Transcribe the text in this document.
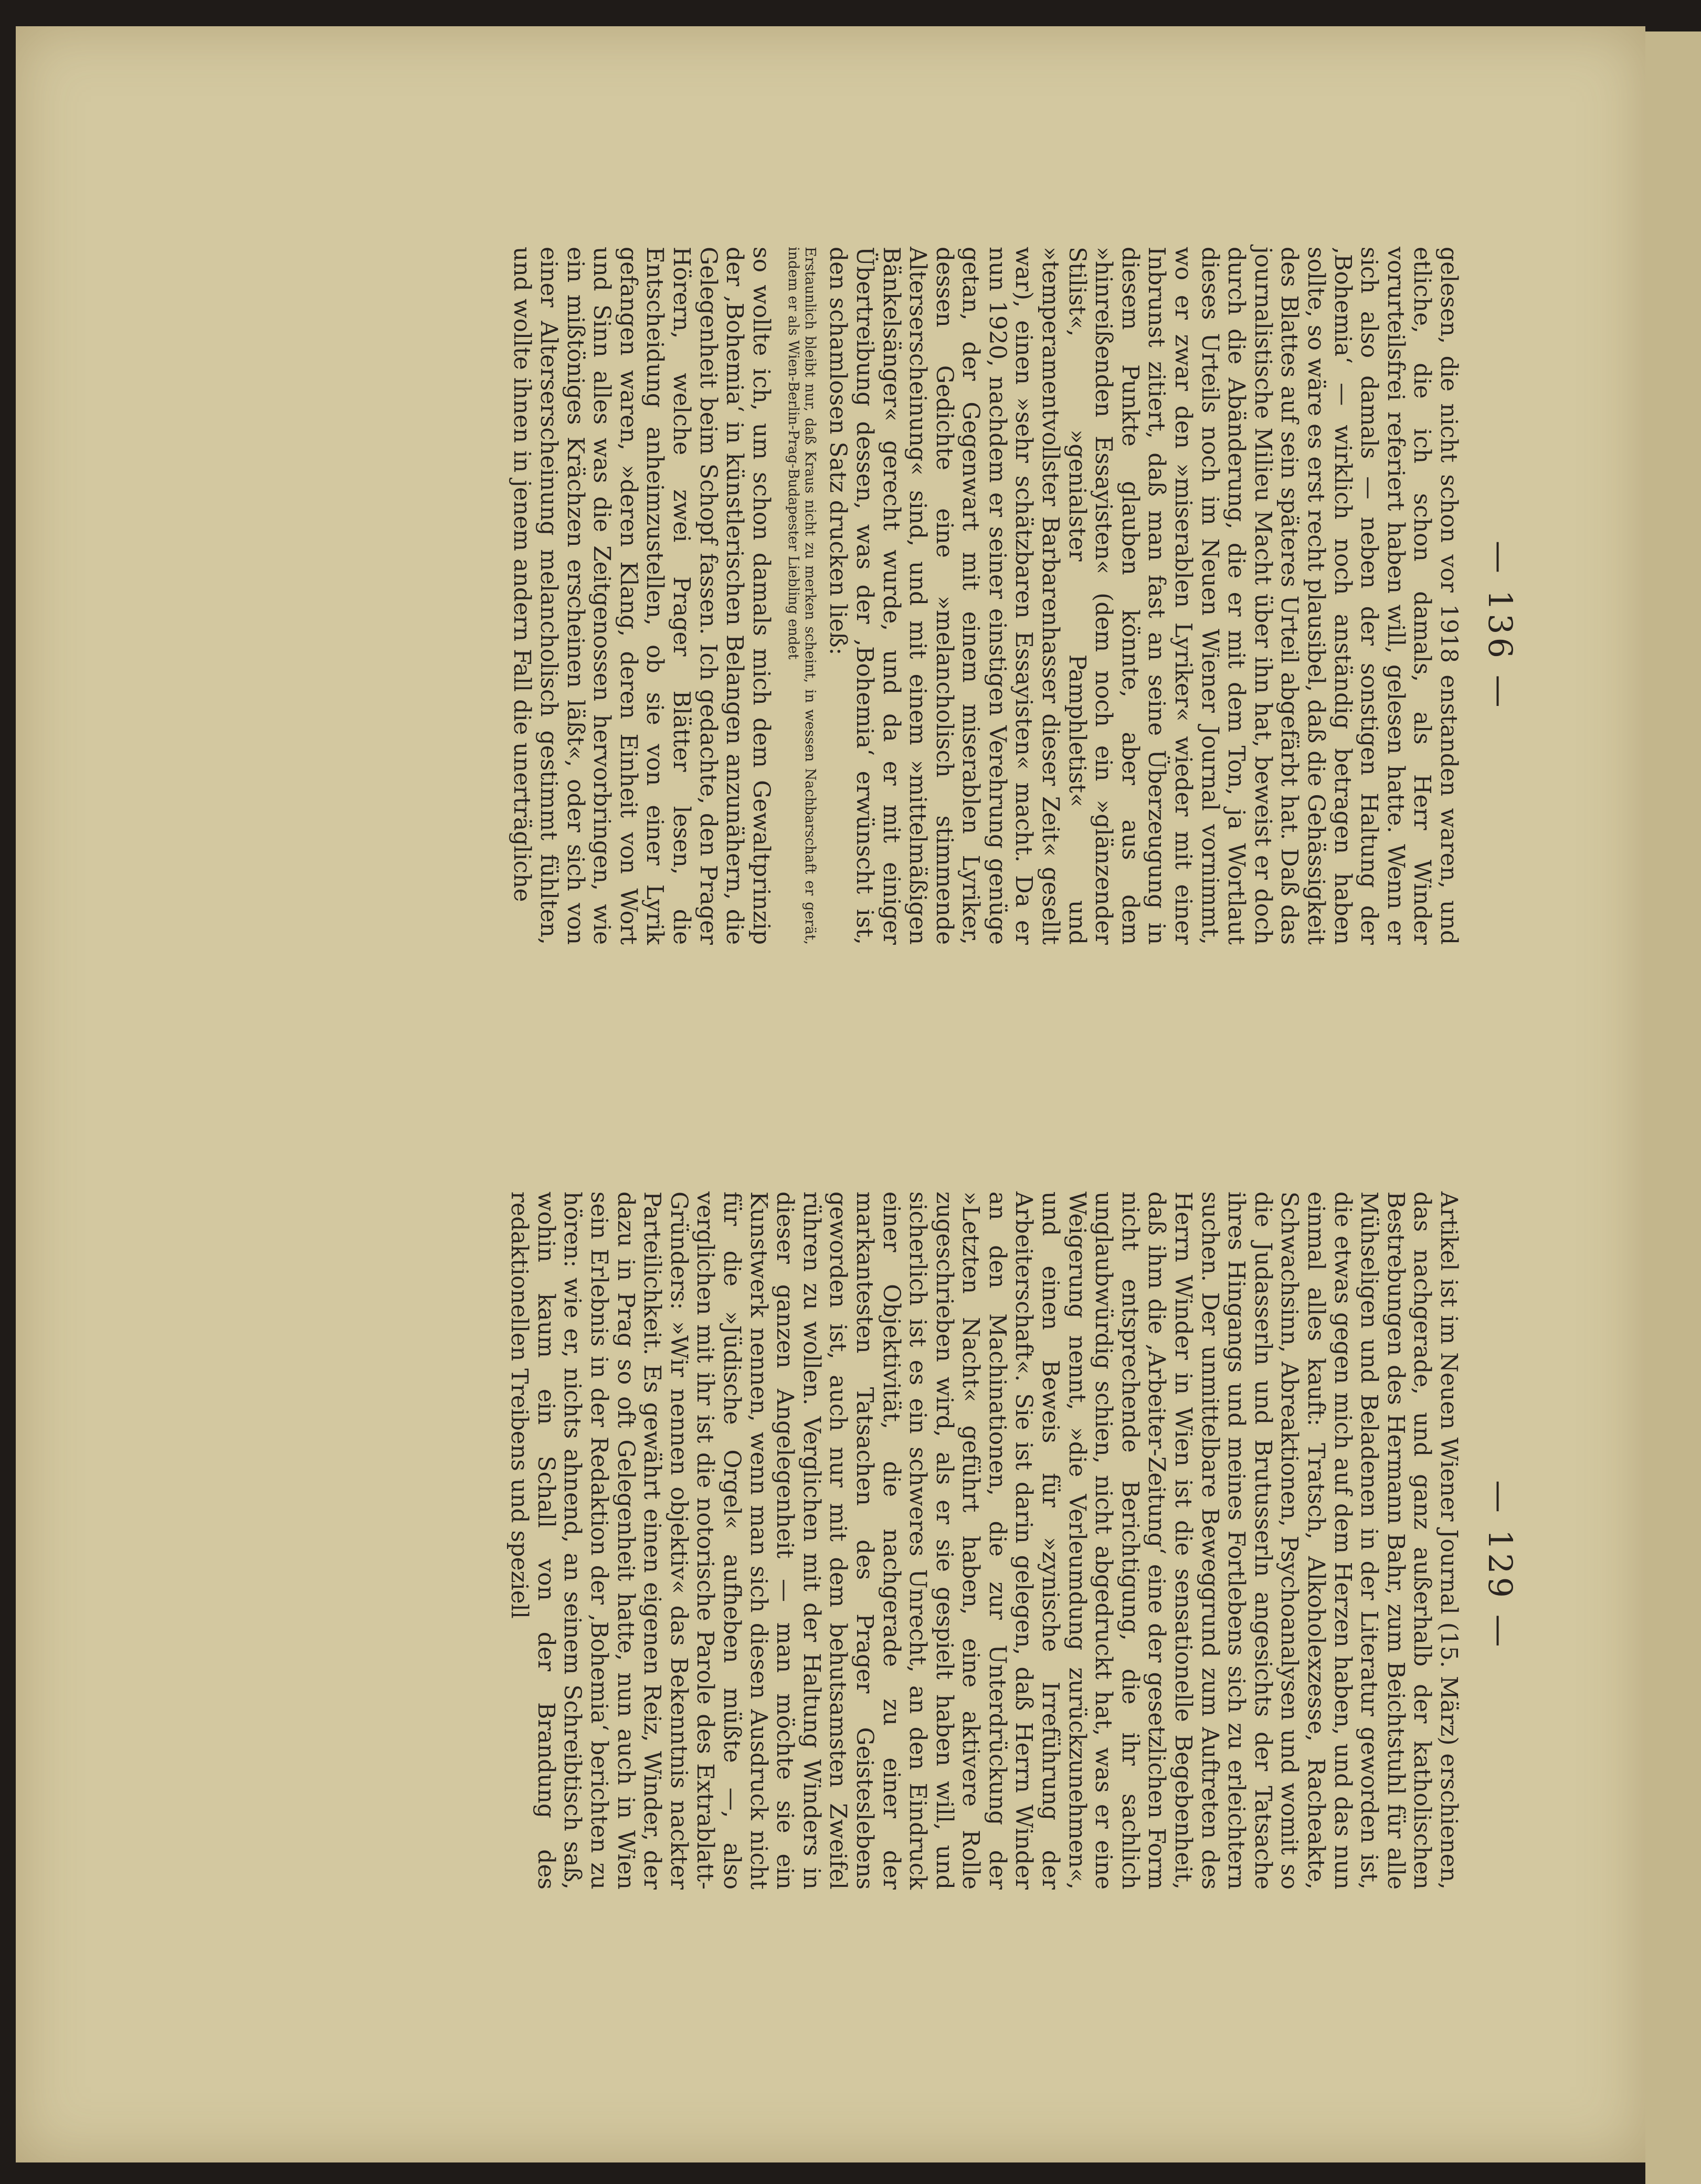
— 136 —

gelesen, die nicht schon vor 1918 enstanden waren, und etliche, die ich schon damals, als Herr Winder vorurteilsfrei referiert haben will, gelesen hatte. Wenn er sich also damals — neben der sonstigen Haltung der ‚Bohemia‘ — wirklich noch anständig betragen haben sollte, so wäre es erst recht plausibel, daß die Gehässigkeit des Blattes auf sein späteres Urteil abgefärbt hat. Daß das journalistische Milieu Macht über ihn hat, beweist er doch durch die Abänderung, die er mit dem Ton, ja Wortlaut dieses Urteils noch im Neuen Wiener Journal vornimmt, wo er zwar den »miserablen Lyriker« wieder mit einer Inbrunst zitiert, daß man fast an seine Überzeugung in diesem Punkte glauben könnte, aber aus dem »hinreißenden Essayisten« (dem noch ein »glänzender Stilist«, »genialster Pamphletist« und »temperamentvollster Barbarenhasser dieser Zeit« gesellt war), einen »sehr schätzbaren Essayisten« macht. Da er nun 1920, nachdem er seiner einstigen Verehrung genüge getan, der Gegenwart mit einem miserablen Lyriker, dessen Gedichte eine »melancholisch stimmende Alterserscheinung« sind, und mit einem »mittelmäßigen Bänkelsänger« gerecht wurde, und da er mit einiger Übertreibung dessen, was der ‚Bohemia‘ erwünscht ist, den schamlosen Satz drucken ließ:

Erstaunlich bleibt nur, daß Kraus nicht zu merken scheint, in wessen Nachbarschaft er gerät, indem er als Wien-Berlin-Prag-Budapester Liebling endet

so wollte ich, um schon damals mich dem Gewaltprinzip der ‚Bohemia‘ in künstlerischen Belangen anzunähern, die Gelegenheit beim Schopf fassen. Ich gedachte, den Prager Hörern, welche zwei Prager Blätter lesen, die Entscheidung anheimzustellen, ob sie von einer Lyrik gefangen waren, »deren Klang, deren Einheit von Wort und Sinn alles was die Zeitgenossen hervorbringen, wie ein mißtöniges Krächzen erscheinen läßt«, oder sich von einer Alterserscheinung melancholisch gestimmt fühlten, und wollte ihnen in jenem andern Fall die unerträgliche

— 129 —

Artikel ist im Neuen Wiener Journal (15. März) erschienen, das nachgerade, und ganz außerhalb der katholischen Bestrebungen des Hermann Bahr, zum Beichtstuhl für alle Mühseligen und Beladenen in der Literatur geworden ist, die etwas gegen mich auf dem Herzen haben, und das nun einmal alles kauft: Tratsch, Alkoholexzesse, Racheakte, Schwachsinn, Abreaktionen, Psychoanalysen und womit so die Judasserln und Brutusserln angesichts der Tatsache ihres Hingangs und meines Fortlebens sich zu erleichtern suchen. Der unmittelbare Beweggrund zum Auftreten des Herrn Winder in Wien ist die sensationelle Begebenheit, daß ihm die ‚Arbeiter-Zeitung‘ eine der gesetzlichen Form nicht entsprechende Berichtigung, die ihr sachlich unglaubwürdig schien, nicht abgedruckt hat, was er eine Weigerung nennt, »die Verleumdung zurückzunehmen«, und einen Beweis für »zynische Irreführung der Arbeiterschaft«. Sie ist darin gelegen, daß Herrn Winder an den Machinationen, die zur Unterdrückung der »Letzten Nacht« geführt haben, eine aktivere Rolle zugeschrieben wird, als er sie gespielt haben will, und sicherlich ist es ein schweres Unrecht, an den Eindruck einer Objektivität, die nachgerade zu einer der markantesten Tatsachen des Prager Geisteslebens geworden ist, auch nur mit dem behutsamsten Zweifel rühren zu wollen. Verglichen mit der Haltung Winders in dieser ganzen Angelegenheit — man möchte sie ein Kunstwerk nennen, wenn man sich diesen Ausdruck nicht für die »Jüdische Orgel« aufheben müßte —, also verglichen mit ihr ist die notorische Parole des Extrablatt-Gründers: »Wir nennen objektiv« das Bekenntnis nackter Parteilichkeit. Es gewährt einen eigenen Reiz, Winder, der dazu in Prag so oft Gelegenheit hatte, nun auch in Wien sein Erlebnis in der Redaktion der ‚Bohemia‘ berichten zu hören: wie er, nichts ahnend, an seinem Schreibtisch saß, wohin kaum ein Schall von der Brandung des redaktionellen Treibens und speziell
